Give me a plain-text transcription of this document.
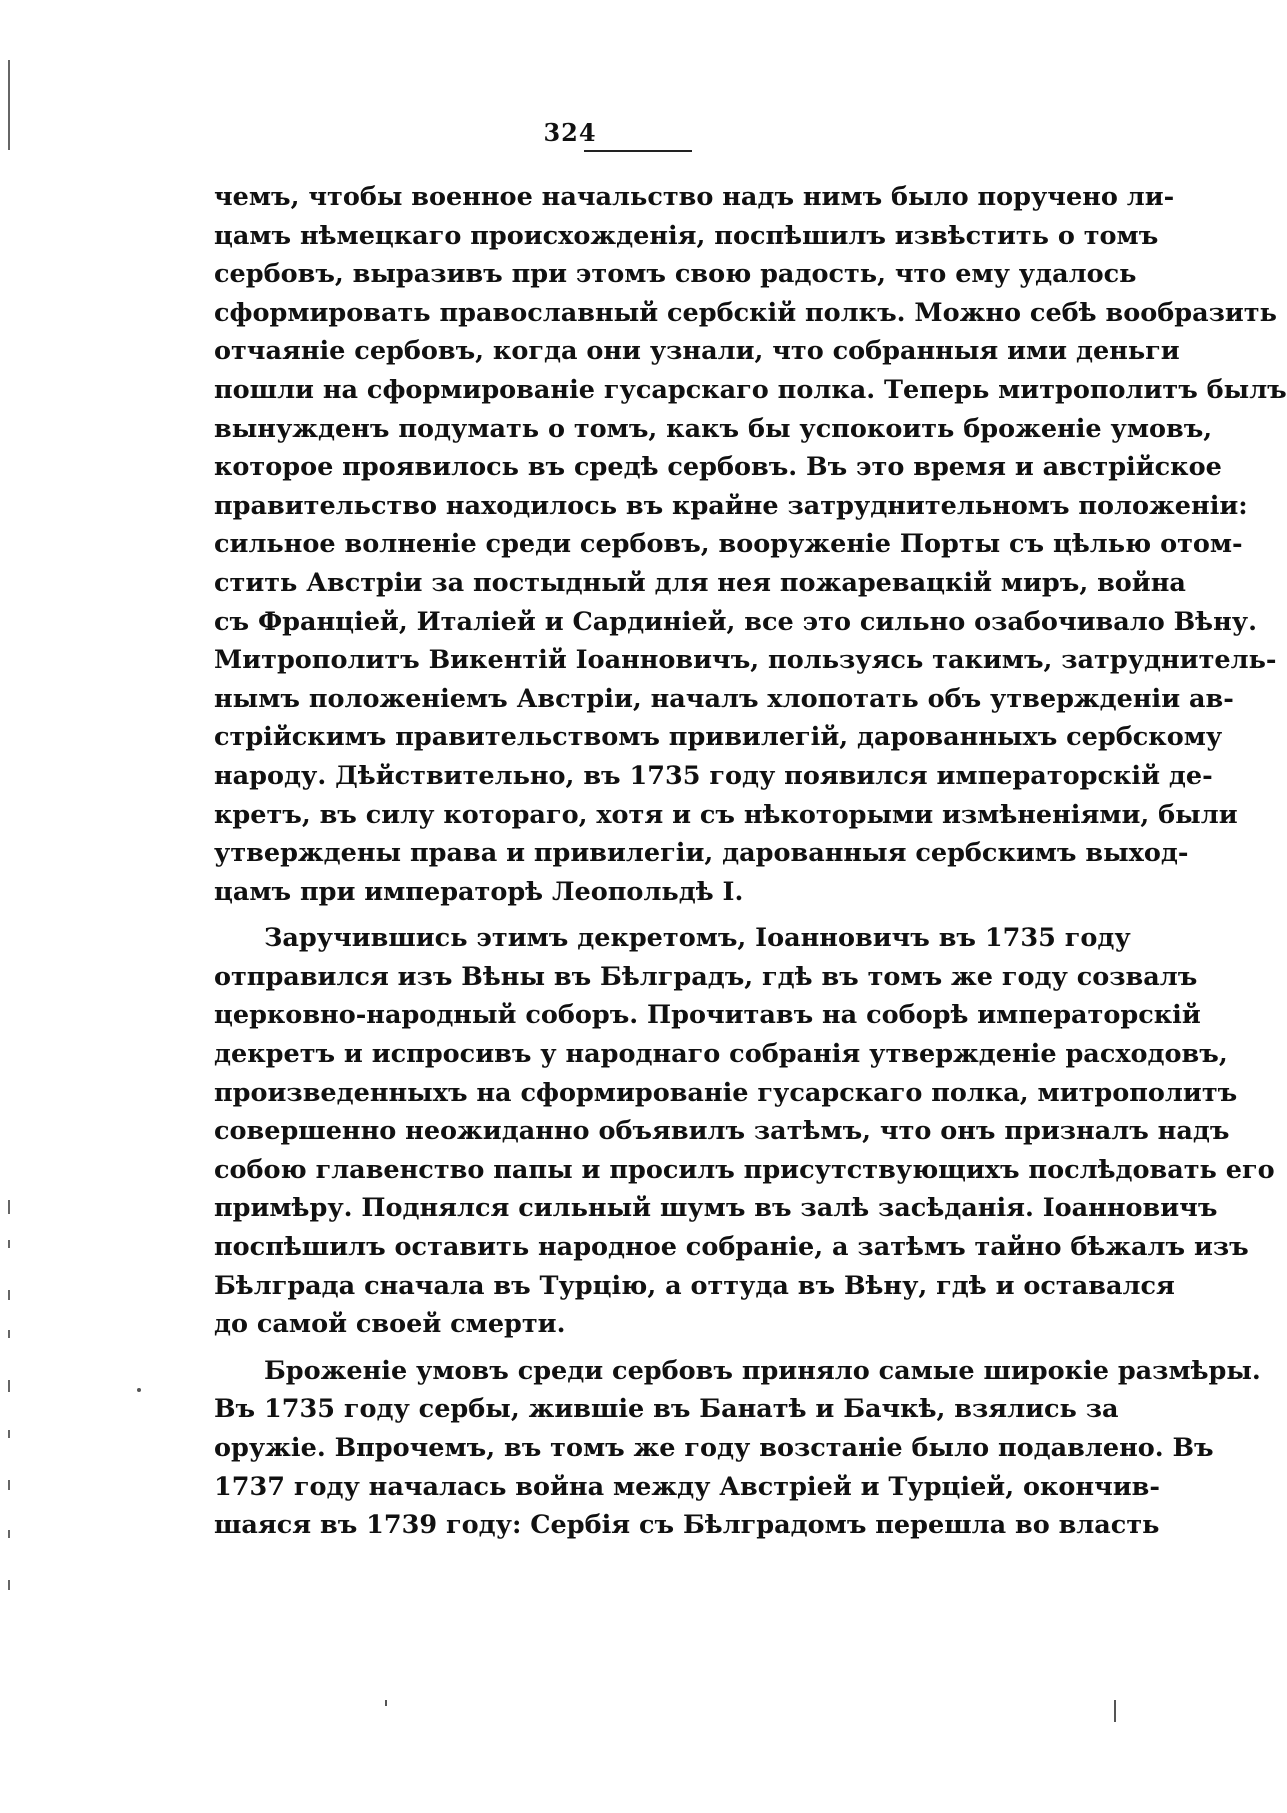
324
чемъ, чтобы военное начальство надъ нимъ было поручено ли-
цамъ нѣмецкаго происхожденія, поспѣшилъ извѣстить о томъ
сербовъ, выразивъ при этомъ свою радость, что ему удалось
сформировать православный сербскій полкъ. Можно себѣ вообразить
отчаяніе сербовъ, когда они узнали, что собранныя ими деньги
пошли на сформированіе гусарскаго полка. Теперь митрополитъ былъ
вынужденъ подумать о томъ, какъ бы успокоить броженіе умовъ,
которое проявилось въ средѣ сербовъ. Въ это время и австрійское
правительство находилось въ крайне затруднительномъ положеніи:
сильное волненіе среди сербовъ, вооруженіе Порты съ цѣлью отом-
стить Австріи за постыдный для нея пожаревацкій миръ, война
съ Франціей, Италіей и Сардиніей, все это сильно озабочивало Вѣну.
Митрополитъ Викентій Іоанновичъ, пользуясь такимъ, затруднитель-
нымъ положеніемъ Австріи, началъ хлопотать объ утвержденіи ав-
стрійскимъ правительствомъ привилегій, дарованныхъ сербскому
народу. Дѣйствительно, въ 1735 году появился императорскій де-
кретъ, въ силу котораго, хотя и съ нѣкоторыми измѣненіями, были
утверждены права и привилегіи, дарованныя сербскимъ выход-
цамъ при императорѣ Леопольдѣ I.
Заручившись этимъ декретомъ, Іоанновичъ въ 1735 году
отправился изъ Вѣны въ Бѣлградъ, гдѣ въ томъ же году созвалъ
церковно-народный соборъ. Прочитавъ на соборѣ императорскій
декретъ и испросивъ у народнаго собранія утвержденіе расходовъ,
произведенныхъ на сформированіе гусарскаго полка, митрополитъ
совершенно неожиданно объявилъ затѣмъ, что онъ призналъ надъ
собою главенство папы и просилъ присутствующихъ послѣдовать его
примѣру. Поднялся сильный шумъ въ залѣ засѣданія. Іоанновичъ
поспѣшилъ оставить народное собраніе, а затѣмъ тайно бѣжалъ изъ
Бѣлграда сначала въ Турцію, а оттуда въ Вѣну, гдѣ и оставался
до самой своей смерти.
Броженіе умовъ среди сербовъ приняло самые широкіе размѣры.
Въ 1735 году сербы, жившіе въ Банатѣ и Бачкѣ, взялись за
оружіе. Впрочемъ, въ томъ же году возстаніе было подавлено. Въ
1737 году началась война между Австріей и Турціей, окончив-
шаяся въ 1739 году: Сербія съ Бѣлградомъ перешла во власть
